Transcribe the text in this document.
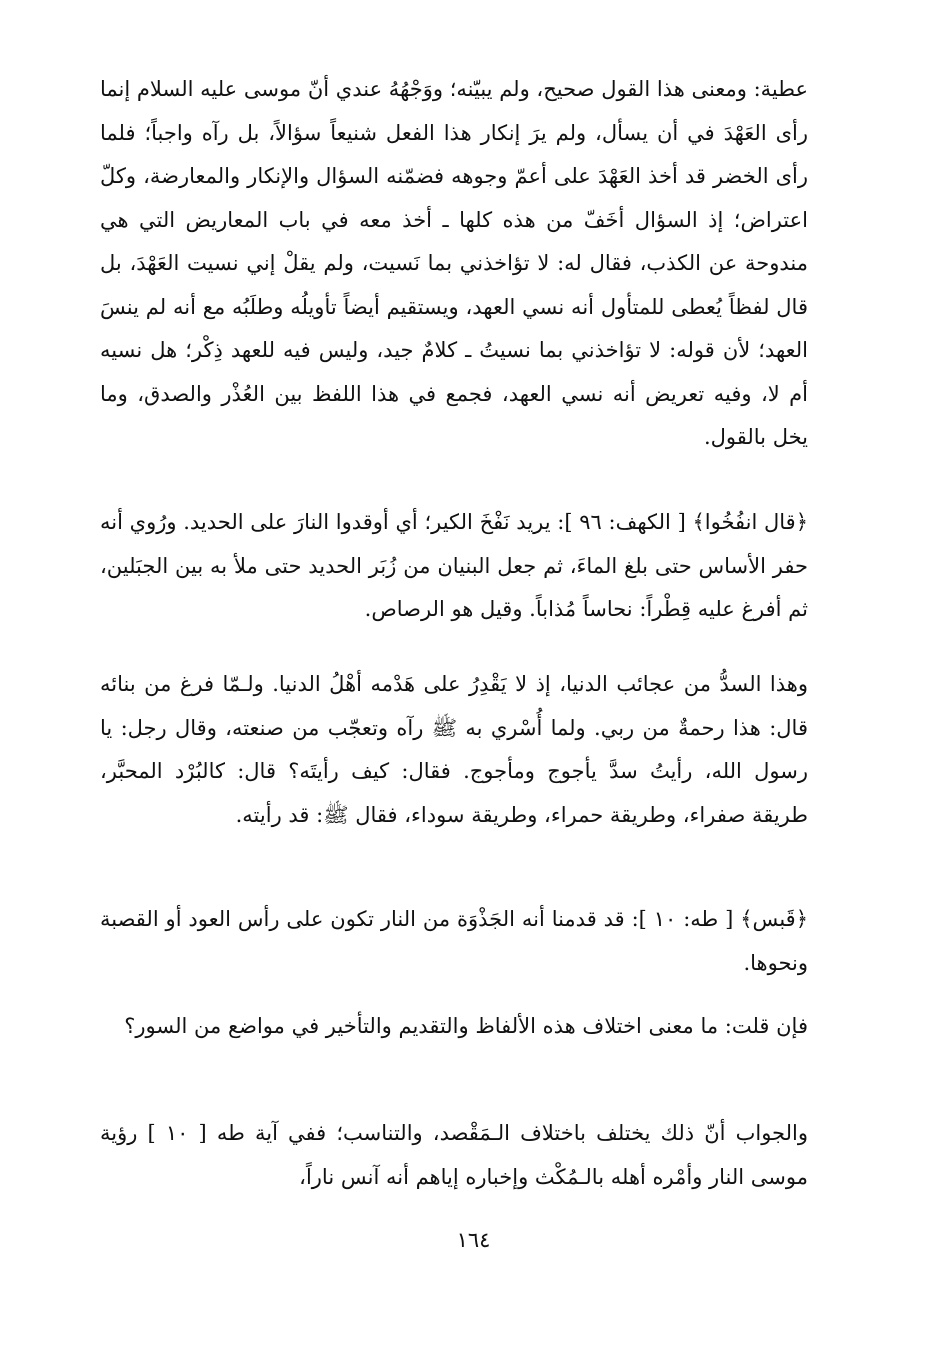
عطية: ومعنى هذا القول صحيح، ولم يبيّنه؛ ووَجْهُهُ عندي أنّ موسى عليه السلام إنما رأى العَهْدَ في أن يسأل، ولم يرَ إنكار هذا الفعل شنيعاً سؤالاً، بل رآه واجباً؛ فلما رأى الخضر قد أخذ العَهْدَ على أعمّ وجوهه فضمّنه السؤال والإنكار والمعارضة، وكلّ اعتراض؛ إذ السؤال أخَفّ من هذه كلها ـ أخذ معه في باب المعاريض التي هي مندوحة عن الكذب، فقال له: لا تؤاخذني بما نَسيت، ولم يقلْ إني نسيت العَهْدَ، بل قال لفظاً يُعطى للمتأول أنه نسي العهد، ويستقيم أيضاً تأويلُه وطلَبُه مع أنه لم ينسَ العهد؛ لأن قوله: لا تؤاخذني بما نسيتُ ـ كلامٌ جيد، وليس فيه للعهد ذِكْر؛ هل نسيه أم لا، وفيه تعريض أنه نسي العهد، فجمع في هذا اللفظ بين العُذْر والصدق، وما يخل بالقول.

﴿قال انفُخُوا﴾ [ الكهف: ٩٦ ]: يريد نَفْخَ الكير؛ أي أوقدوا النارَ على الحديد. ورُوي أنه حفر الأساس حتى بلغ الماءَ، ثم جعل البنيان من زُبَر الحديد حتى ملأ به بين الجبَلين، ثم أفرغ عليه قِطْراً: نحاساً مُذاباً. وقيل هو الرصاص.

وهذا السدُّ من عجائب الدنيا، إذ لا يَقْدِرُ على هَدْمه أهْلُ الدنيا. ولـمّا فرغ من بنائه قال: هذا رحمةٌ من ربي. ولما أُسْري به ﷺ رآه وتعجّب من صنعته، وقال رجل: يا رسول الله، رأيتُ سدَّ يأجوج ومأجوج. فقال: كيف رأيتَه؟ قال: كالبُرْد المحبَّر، طريقة صفراء، وطريقة حمراء، وطريقة سوداء، فقال ﷺ: قد رأيته.

﴿قَبس﴾ [ طه: ١٠ ]: قد قدمنا أنه الجَذْوَة من النار تكون على رأس العود أو القصبة ونحوها.

فإن قلت: ما معنى اختلاف هذه الألفاظ والتقديم والتأخير في مواضع من السور؟

والجواب أنّ ذلك يختلف باختلاف الـمَقْصد، والتناسب؛ ففي آية طه [ ١٠ ] رؤية موسى النار وأمْره أهله بالـمُكْث وإخباره إياهم أنه آنس ناراً،

١٦٤
